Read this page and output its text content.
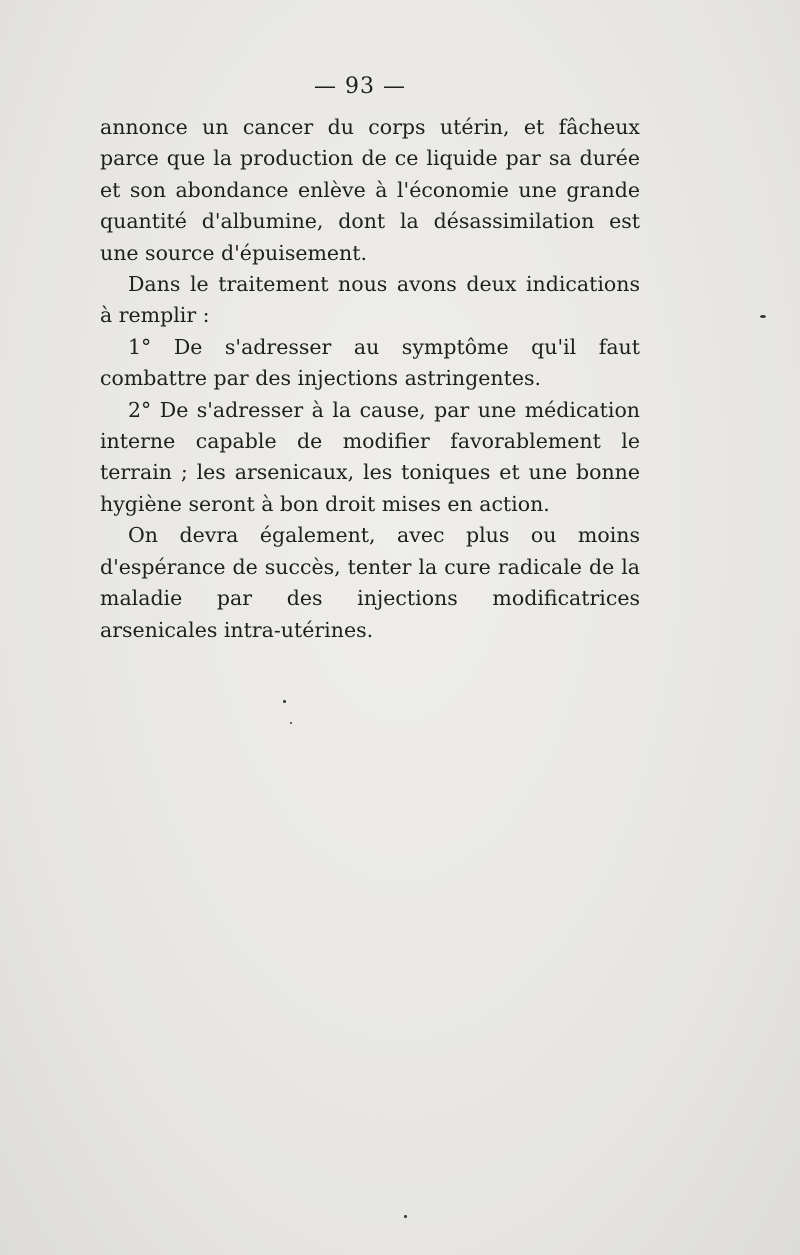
— 93 —

annonce un cancer du corps utérin, et fâcheux parce que la production de ce liquide par sa durée et son abondance enlève à l'économie une grande quantité d'albumine, dont la désassimilation est une source d'épuisement.

Dans le traitement nous avons deux indications à remplir :

1° De s'adresser au symptôme qu'il faut combattre par des injections astringentes.

2° De s'adresser à la cause, par une médication interne capable de modifier favorablement le terrain ; les arsenicaux, les toniques et une bonne hygiène seront à bon droit mises en action.

On devra également, avec plus ou moins d'espérance de succès, tenter la cure radicale de la maladie par des injections modificatrices arsenicales intra-utérines.
